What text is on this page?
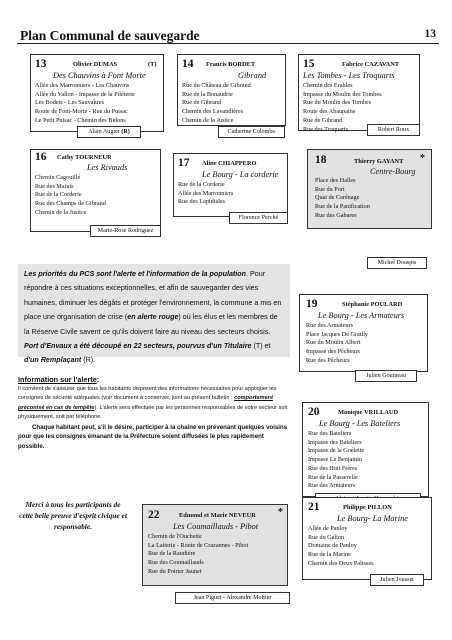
Plan Communal de sauvegarde	13
13	Olivier DUMAS	(T)
Des Chauvins à Font Morte
Allée des Marronniers - Les Chauvins
Allée du Vallon - Impasse de la Piléterie
Les Bodets - Les Sauvaîtres
Route de Font-Morte - Rue du Puisac
Le Petit Puisac - Chemin des Bidons
Alain Augier (R)
14 Francis BORDET
Gibrand
Rue du Château de Gibrand
Rue de la Bonaudrie
Rue de Gibrand
Chemin des Lavandières
Chemin de la Justice
Catherine Colombo
15	Fabrice CAZAVANT
Les Tombes - Les Troquarts
Chemin des Erables
Impasse du Moulin des Tombes
Rue du Moulin des Tombes
Route des Abaupains
Rue de Gibrand
Rue des Troquarts	Robert Roux
16 Cathy TOURNEUR
Les Rivauds
Chemin Cagouillé
Rue des Marais
Rue de la Corderie
Rue des Champs de Gibrand
Chemin de la Justice
Marie-Rose Rodriguez
17 Aline CHIAPPERO
Le Bourg - La corderie
Rue de la Corderie
Allée des Marronniers
Rue des Lapidiales
Florence Perché
18	Thierry GAYANT *
Centre-Bourg
Place des Halles
Rue du Port
Quai de Carénage
Rue de la Panification
Rue des Gabares
Michel Douspis
Les priorités du PCS sont l'alerte et l'information de la population. Pour répondre à ces situations exceptionnelles, et afin de sauvegarder des vies humaines, diminuer les dégâts et protéger l'environnement, la commune a mis en place une organisation de crise (en alerte rouge) où les élus et les membres de la Réserve Civile savent ce qu'ils doivent faire au niveau des secteurs choisis. Port d'Envaux a été découpé en 22 secteurs, pourvus d'un Titulaire (T) et d'un Remplaçant (R).
19	Stéphanie POULARD
Le Bourg - Les Armateurs
Rue des Armateurs
Place Jacques De Grailly
Rue du Moulin Albert
Impasse des Pêcheurs
Rue des Pêcheurs
Julien Gouineau
Information sur l'alerte:

Il convient de s'assurer que tous les habitants disposent des informations nécessaires pour appliquer les consignes de sécurité adéquates (voir document à conserver, joint au présent bulletin : comportement préconisé en cas de tempête). L'alerte sera effectuée par les personnes responsables de votre secteur soit physiquement, soit par téléphone.

Chaque habitant peut, s'il le désire, participer à la chaîne en prévenant quelques voisins pour que les consignes émanant de la Préfecture soient diffusées le plus rapidement possible.

20	Monique VRILLAUD
Le Bourg - Les Bateliers
Rue des Bateliers
Impasse des Bateliers
Impasse de la Goélette
Impasse Le Benjamin
Rue des Huit Frères
Rue de la Passerelle
Rue des Armateurs
Merci à tous les participants de cette belle preuve d'esprit civique et responsable.
22	Edmond et Marie NEVEUR *
Les Coumaillauds - Pibot
Chemin de l'Ouchette
La Laiterie - Route de Crazannes - Pibot
Rue de la Raudière
Rue des Coumaillauds
Rue du Poirier Jaunet
Jean Piguet - Alexandre Mottier
21	Philippe PILLON
Le Bourg- La Marine
Allée de Panloy
Rue du Galion
Domaine de Panloy
Rue de la Marine
Chemin des Deux Palisses
Julien Jousset
